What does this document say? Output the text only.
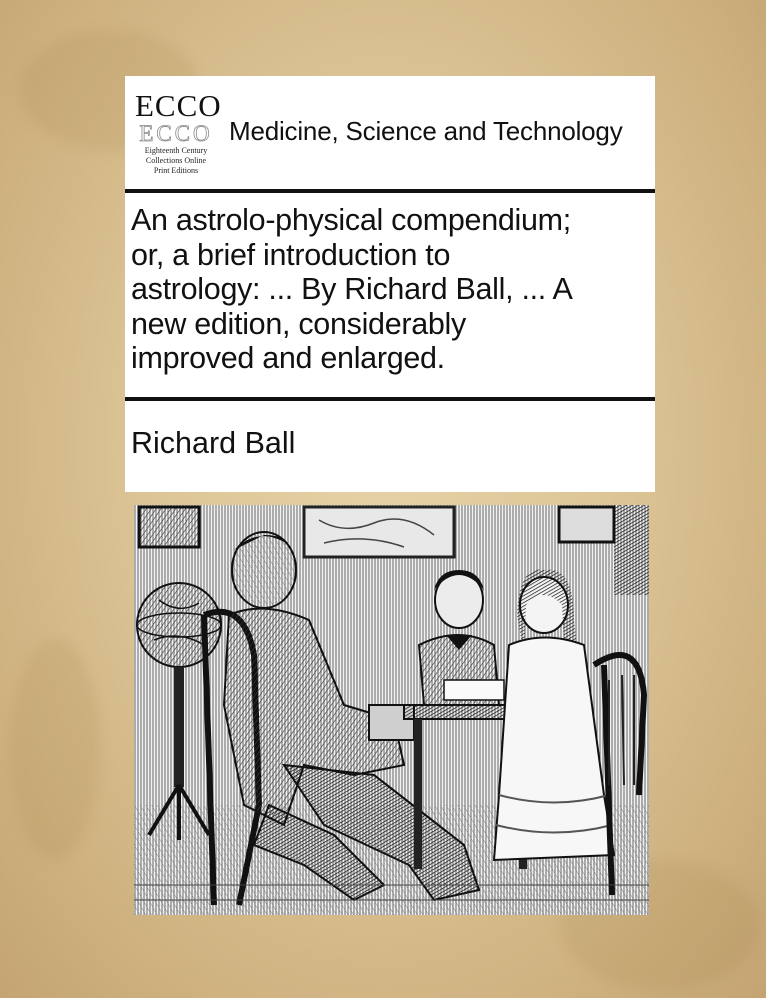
ECCO
ECCO
Eighteenth Century
Collections Online
Print Editions
Medicine, Science and Technology
An astrolo-physical compendium;
or, a brief introduction to
astrology: ... By Richard Ball, ... A
new edition, considerably
improved and enlarged.
Richard Ball
